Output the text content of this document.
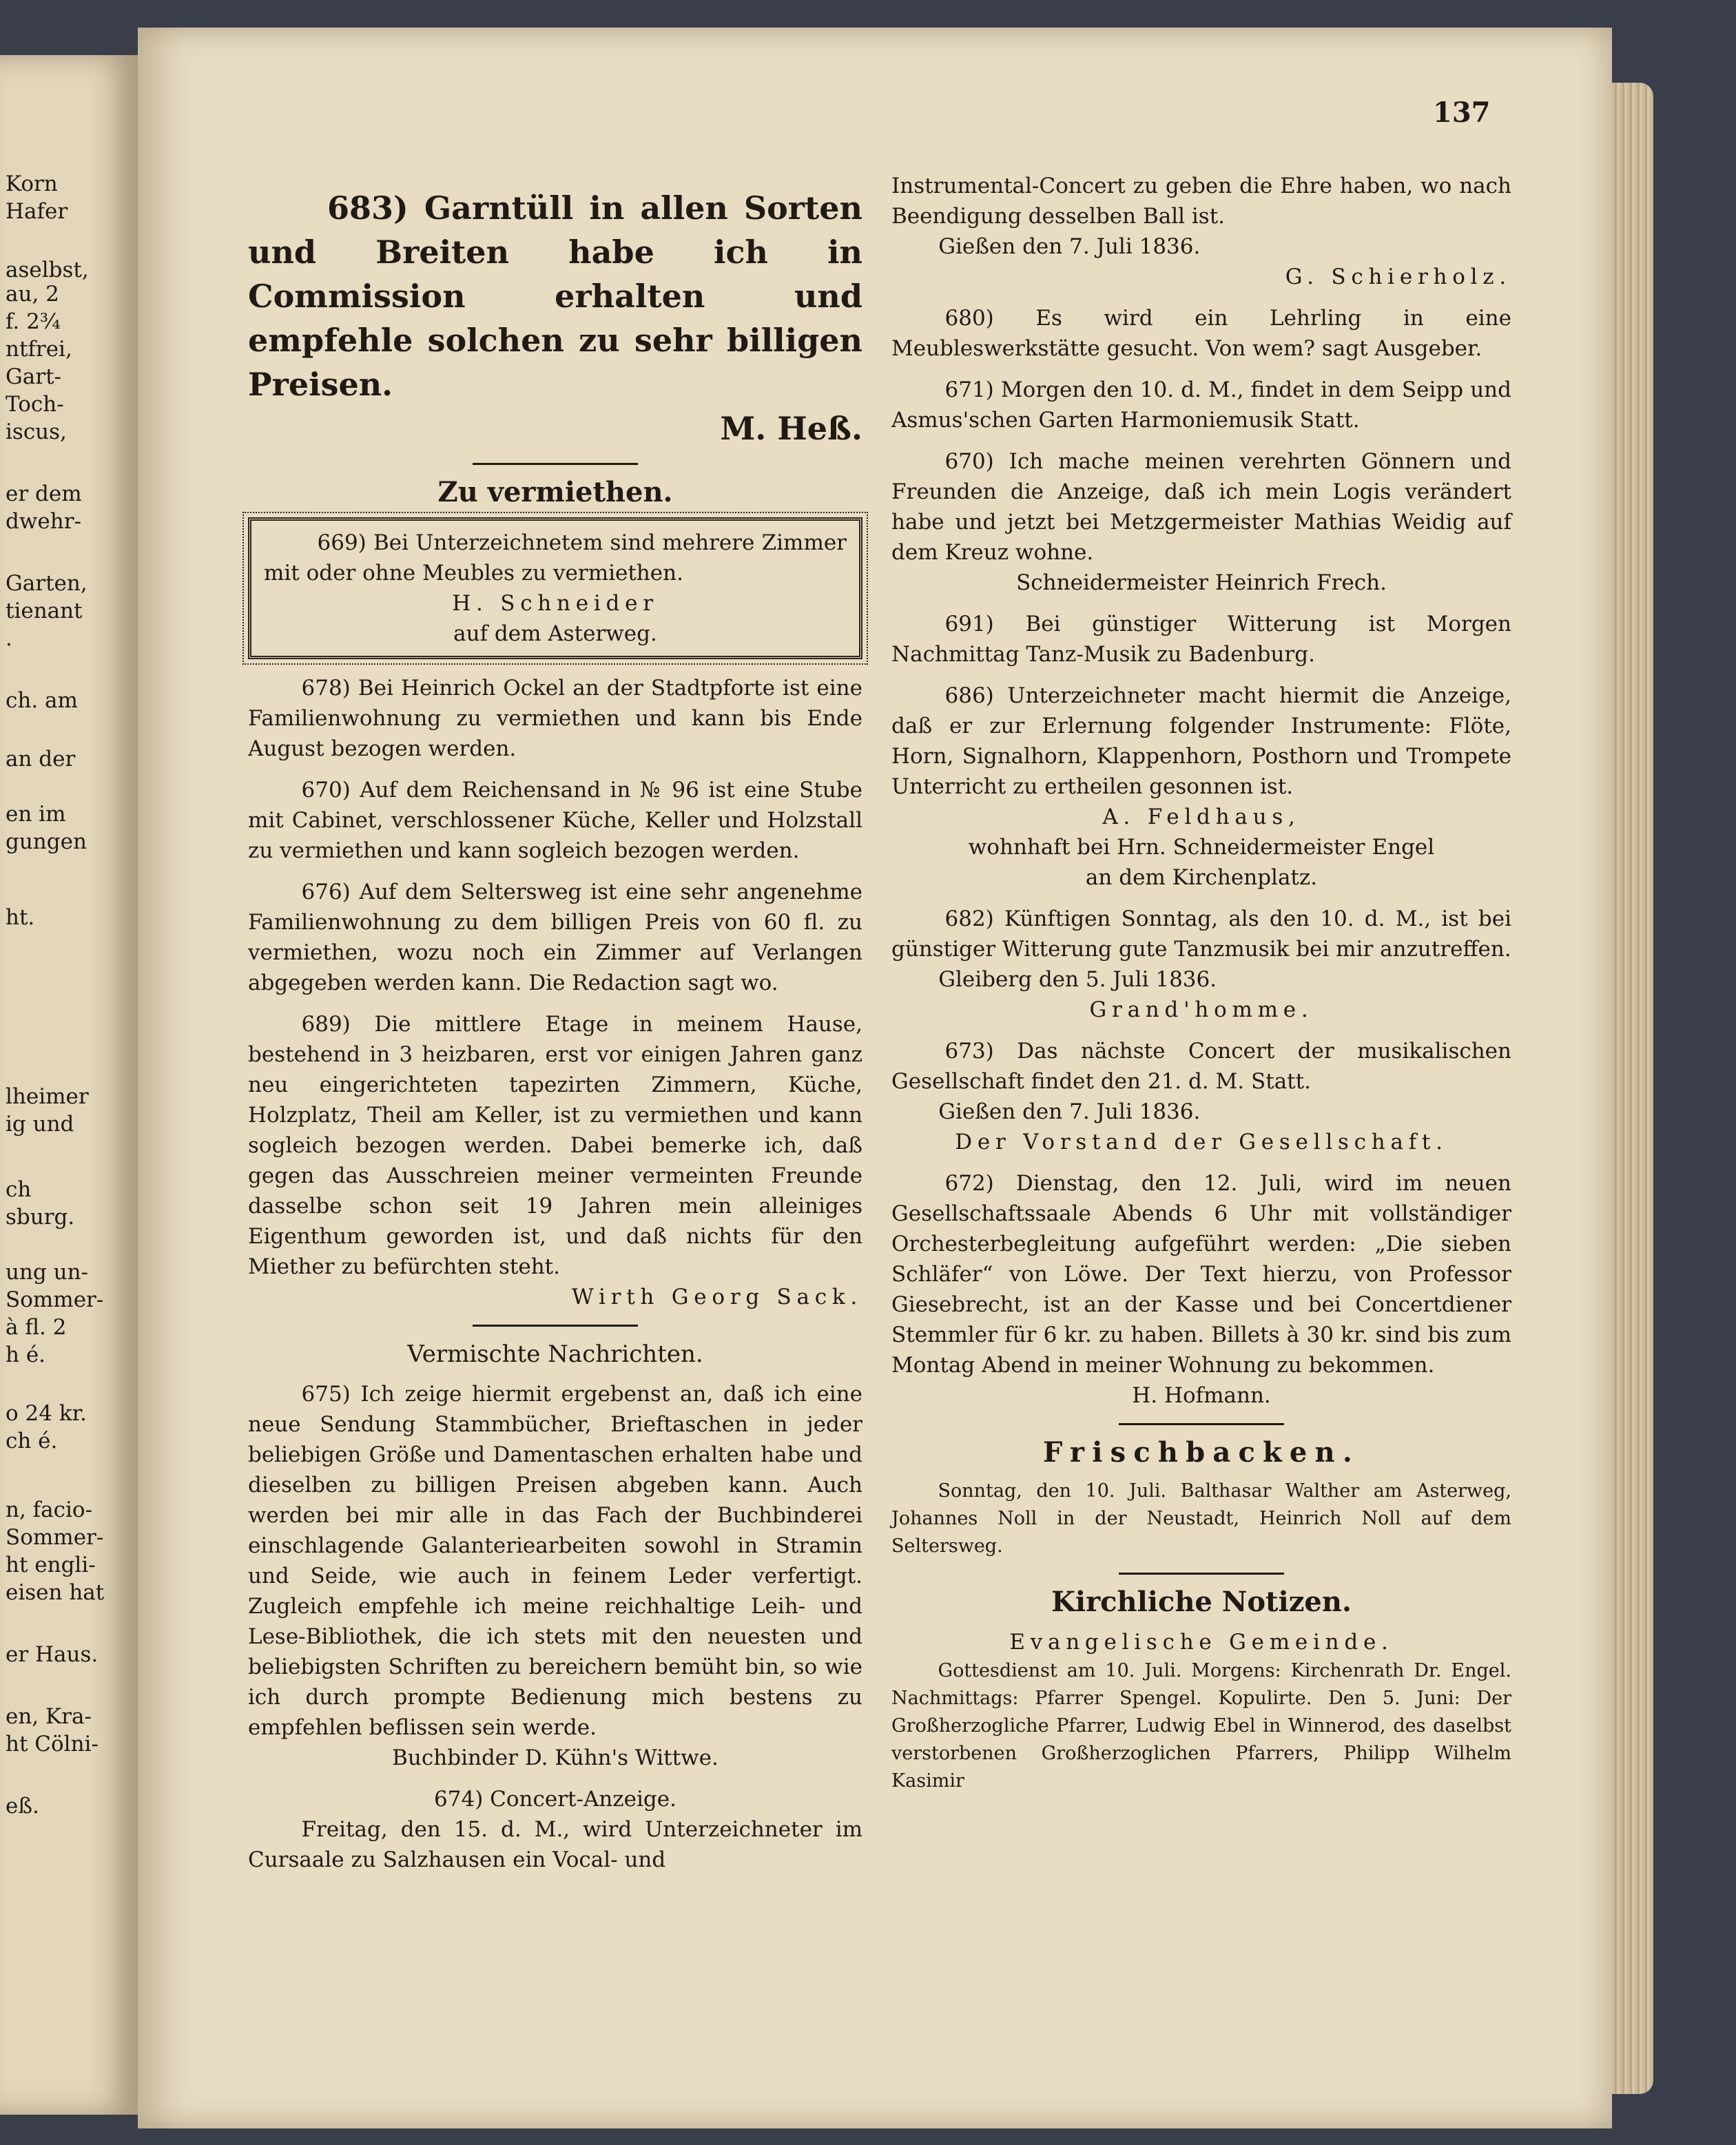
Korn
Hafer
aselbst,
au, 2
f. 2¾
ntfrei,
Gart-
Toch-
iscus,
er dem
dwehr-
Garten,
tienant
.
ch. am
an der
en im
gungen
ht.
lheimer
ig und
ch
sburg.
ung un-
Sommer-
à fl. 2
h é.
o 24 kr.
ch é.
n, facio-
Sommer-
ht engli-
eisen hat
er Haus.
en, Kra-
ht Cölni-
eß.
137
683) Garntüll in allen Sorten und Breiten habe ich in Commission erhalten und empfehle solchen zu sehr billigen Preisen.
M. Heß.
Zu vermiethen.
669) Bei Unterzeichnetem sind mehrere Zimmer mit oder ohne Meubles zu vermiethen.
H. Schneider
auf dem Asterweg.
678) Bei Heinrich Ockel an der Stadtpforte ist eine Familienwohnung zu vermiethen und kann bis Ende August bezogen werden.
670) Auf dem Reichensand in № 96 ist eine Stube mit Cabinet, verschlossener Küche, Keller und Holzstall zu vermiethen und kann sogleich bezogen werden.
676) Auf dem Seltersweg ist eine sehr angenehme Familienwohnung zu dem billigen Preis von 60 fl. zu vermiethen, wozu noch ein Zimmer auf Verlangen abgegeben werden kann. Die Redaction sagt wo.
689) Die mittlere Etage in meinem Hause, bestehend in 3 heizbaren, erst vor einigen Jahren ganz neu eingerichteten tapezirten Zimmern, Küche, Holzplatz, Theil am Keller, ist zu vermiethen und kann sogleich bezogen werden. Dabei bemerke ich, daß gegen das Ausschreien meiner vermeinten Freunde dasselbe schon seit 19 Jahren mein alleiniges Eigenthum geworden ist, und daß nichts für den Miether zu befürchten steht.
Wirth Georg Sack.
Vermischte Nachrichten.
675) Ich zeige hiermit ergebenst an, daß ich eine neue Sendung Stammbücher, Brieftaschen in jeder beliebigen Größe und Damentaschen erhalten habe und dieselben zu billigen Preisen abgeben kann. Auch werden bei mir alle in das Fach der Buchbinderei einschlagende Galanteriearbeiten sowohl in Stramin und Seide, wie auch in feinem Leder verfertigt. Zugleich empfehle ich meine reichhaltige Leih- und Lese-Bibliothek, die ich stets mit den neuesten und beliebigsten Schriften zu bereichern bemüht bin, so wie ich durch prompte Bedienung mich bestens zu empfehlen beflissen sein werde.
Buchbinder D. Kühn's Wittwe.
674) Concert-Anzeige.
Freitag, den 15. d. M., wird Unterzeichneter im Cursaale zu Salzhausen ein Vocal- und
Instrumental-Concert zu geben die Ehre haben, wo nach Beendigung desselben Ball ist.
Gießen den 7. Juli 1836.
G. Schierholz.
680) Es wird ein Lehrling in eine Meubleswerkstätte gesucht. Von wem? sagt Ausgeber.
671) Morgen den 10. d. M., findet in dem Seipp und Asmus'schen Garten Harmoniemusik Statt.
670) Ich mache meinen verehrten Gönnern und Freunden die Anzeige, daß ich mein Logis verändert habe und jetzt bei Metzgermeister Mathias Weidig auf dem Kreuz wohne.
Schneidermeister Heinrich Frech.
691) Bei günstiger Witterung ist Morgen Nachmittag Tanz-Musik zu Badenburg.
686) Unterzeichneter macht hiermit die Anzeige, daß er zur Erlernung folgender Instrumente: Flöte, Horn, Signalhorn, Klappenhorn, Posthorn und Trompete Unterricht zu ertheilen gesonnen ist.
A. Feldhaus,
wohnhaft bei Hrn. Schneidermeister Engel
an dem Kirchenplatz.
682) Künftigen Sonntag, als den 10. d. M., ist bei günstiger Witterung gute Tanzmusik bei mir anzutreffen.
Gleiberg den 5. Juli 1836.
Grand'homme.
673) Das nächste Concert der musikalischen Gesellschaft findet den 21. d. M. Statt.
Gießen den 7. Juli 1836.
Der Vorstand der Gesellschaft.
672) Dienstag, den 12. Juli, wird im neuen Gesellschaftssaale Abends 6 Uhr mit vollständiger Orchesterbegleitung aufgeführt werden: „Die sieben Schläfer“ von Löwe. Der Text hierzu, von Professor Giesebrecht, ist an der Kasse und bei Concertdiener Stemmler für 6 kr. zu haben. Billets à 30 kr. sind bis zum Montag Abend in meiner Wohnung zu bekommen.
H. Hofmann.
Frischbacken.
Sonntag, den 10. Juli. Balthasar Walther am Asterweg, Johannes Noll in der Neustadt, Heinrich Noll auf dem Seltersweg.
Kirchliche Notizen.
Evangelische Gemeinde.
Gottesdienst am 10. Juli. Morgens: Kirchenrath Dr. Engel. Nachmittags: Pfarrer Spengel. Kopulirte. Den 5. Juni: Der Großherzogliche Pfarrer, Ludwig Ebel in Winnerod, des daselbst verstorbenen Großherzoglichen Pfarrers, Philipp Wilhelm Kasimir
